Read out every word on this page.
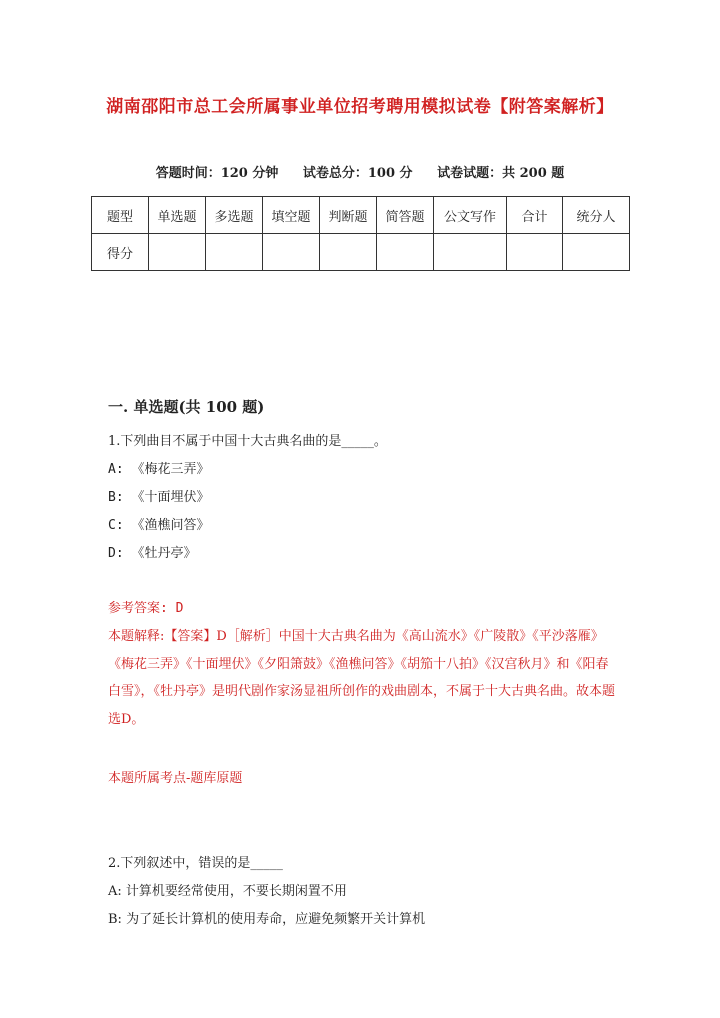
湖南邵阳市总工会所属事业单位招考聘用模拟试卷【附答案解析】
答题时间：120 分钟 试卷总分：100 分 试卷试题：共 200 题
题型	单选题	多选题	填空题	判断题	简答题	公文写作	合计	统分人
得分								
一. 单选题(共 100 题)
1.下列曲目不属于中国十大古典名曲的是_____。
A: 《梅花三弄》
B: 《十面埋伏》
C: 《渔樵问答》
D: 《牡丹亭》
参考答案: D
本题解释:【答案】D［解析］中国十大古典名曲为《高山流水》《广陵散》《平沙落雁》《梅花三弄》《十面埋伏》《夕阳箫鼓》《渔樵问答》《胡笳十八拍》《汉宫秋月》和《阳春白雪》，《牡丹亭》是明代剧作家汤显祖所创作的戏曲剧本，不属于十大古典名曲。故本题选D。
本题所属考点-题库原题
2.下列叙述中，错误的是_____
A: 计算机要经常使用，不要长期闲置不用
B: 为了延长计算机的使用寿命，应避免频繁开关计算机
